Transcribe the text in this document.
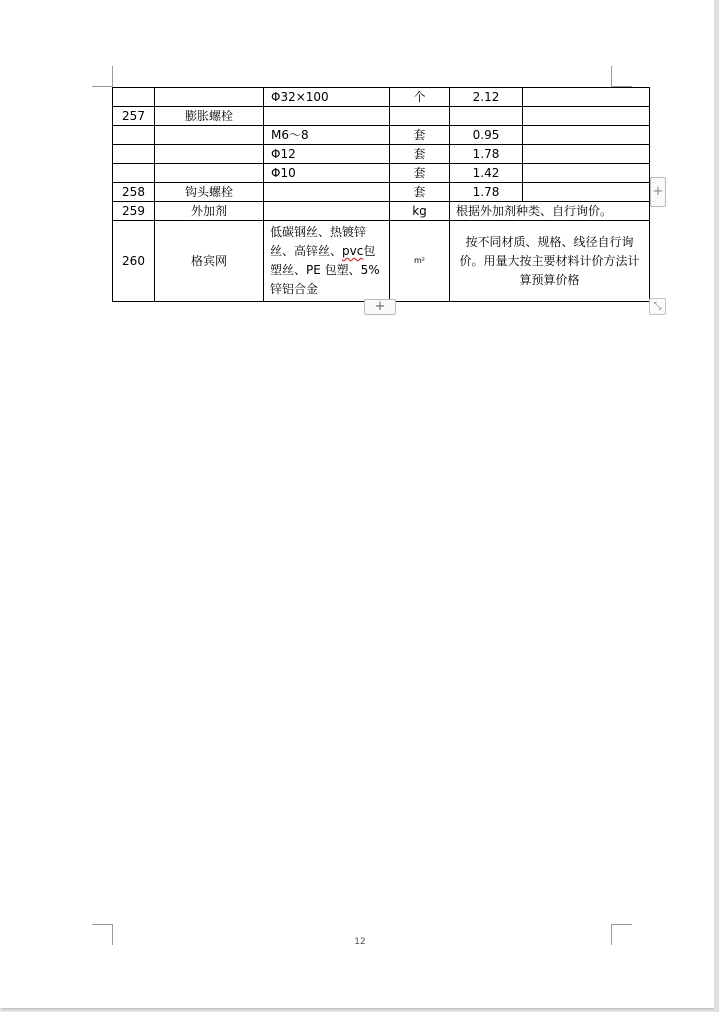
		Φ32×100	个	2.12	
257	膨胀螺栓				
		M6～8	套	0.95	
		Φ12	套	1.78	
		Φ10	套	1.42	
258	钩头螺栓		套	1.78	
259	外加剂		kg	根据外加剂种类、自行询价。	
260	格宾网	低碳钢丝、热镀锌丝、高锌丝、pvc包塑丝、PE 包塑、5%锌铝合金	m²	按不同材质、规格、线径自行询价。用量大按主要材料计价方法计算预算价格	
+
+
⤡
12
